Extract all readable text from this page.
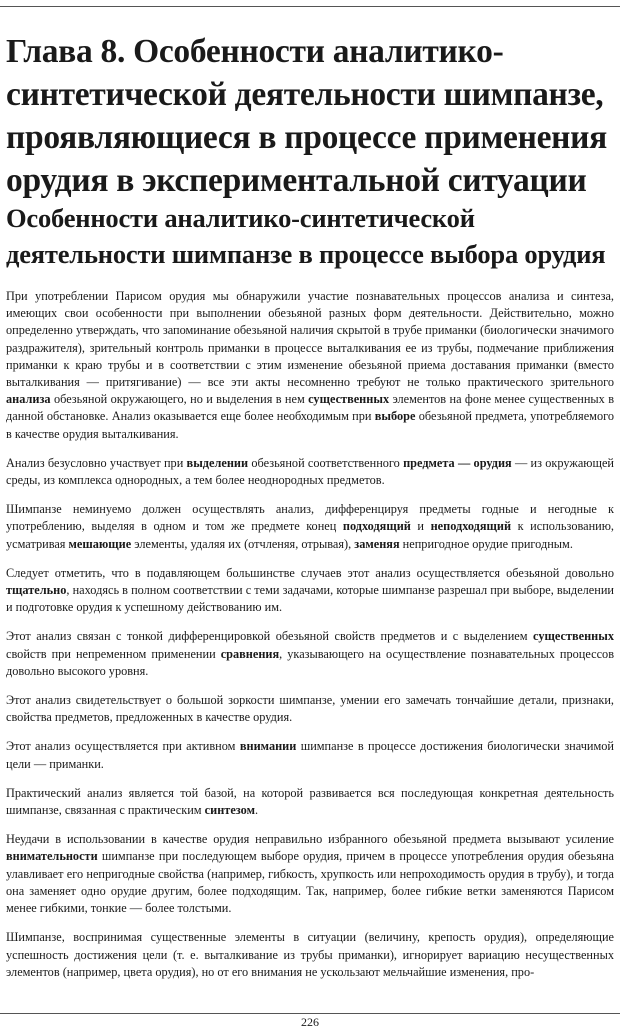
Глава 8. Особенности аналитико-синтетической деятельности шимпанзе, проявляющиеся в процессе применения орудия в экспериментальной ситуации
Особенности аналитико-синтетической деятельности шимпанзе в процессе выбора орудия

При употреблении Парисом орудия мы обнаружили участие познавательных процессов анализа и синтеза, имеющих свои особенности при выполнении обезьяной разных форм деятельности. Действительно, можно определенно утверждать, что запоминание обезьяной наличия скрытой в трубе приманки (биологически значимого раздражителя), зрительный контроль приманки в процессе выталкивания ее из трубы, подмечание приближения приманки к краю трубы и в соответствии с этим изменение обезьяной приема доставания приманки (вместо выталкивания — притягивание) — все эти акты несомненно требуют не только практического зрительного анализа обезьяной окружающего, но и выделения в нем существенных элементов на фоне менее существенных в данной обстановке. Анализ оказывается еще более необходимым при выборе обезьяной предмета, употребляемого в качестве орудия выталкивания.

Анализ безусловно участвует при выделении обезьяной соответственного предмета — орудия — из окружающей среды, из комплекса однородных, а тем более неоднородных предметов.

Шимпанзе неминуемо должен осуществлять анализ, дифференцируя предметы годные и негодные к употреблению, выделяя в одном и том же предмете конец подходящий и неподходящий к использованию, усматривая мешающие элементы, удаляя их (отчленяя, отрывая), заменяя непригодное орудие пригодным.

Следует отметить, что в подавляющем большинстве случаев этот анализ осуществляется обезьяной довольно тщательно, находясь в полном соответствии с теми задачами, которые шимпанзе разрешал при выборе, выделении и подготовке орудия к успешному действованию им.

Этот анализ связан с тонкой дифференцировкой обезьяной свойств предметов и с выделением существенных свойств при непременном применении сравнения, указывающего на осуществление познавательных процессов довольно высокого уровня.

Этот анализ свидетельствует о большой зоркости шимпанзе, умении его замечать тончайшие детали, признаки, свойства предметов, предложенных в качестве орудия.

Этот анализ осуществляется при активном внимании шимпанзе в процессе достижения биологически значимой цели — приманки.

Практический анализ является той базой, на которой развивается вся последующая конкретная деятельность шимпанзе, связанная с практическим синтезом.

Неудачи в использовании в качестве орудия неправильно избранного обезьяной предмета вызывают усиление внимательности шимпанзе при последующем выборе орудия, причем в процессе употребления орудия обезьяна улавливает его непригодные свойства (например, гибкость, хрупкость или непроходимость орудия в трубу), и тогда она заменяет одно орудие другим, более подходящим. Так, например, более гибкие ветки заменяются Парисом менее гибкими, тонкие — более толстыми.

Шимпанзе, воспринимая существенные элементы в ситуации (величину, крепость орудия), определяющие успешность достижения цели (т. е. выталкивание из трубы приманки), игнорирует вариацию несущественных элементов (например, цвета орудия), но от его внимания не ускользают мельчайшие изменения, про-

226
